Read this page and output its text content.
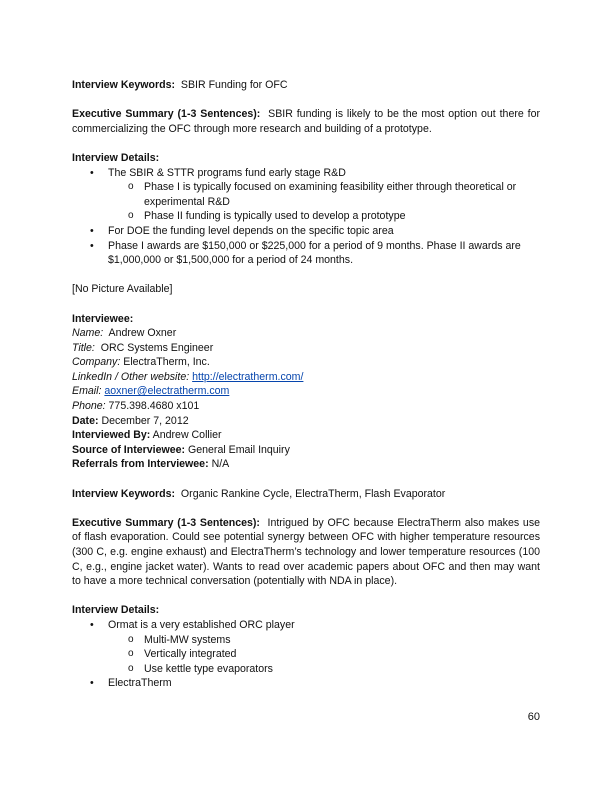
Interview Keywords: SBIR Funding for OFC

Executive Summary (1-3 Sentences): SBIR funding is likely to be the most option out there for commercializing the OFC through more research and building of a prototype.

Interview Details:

• The SBIR & STTR programs fund early stage R&D
o Phase I is typically focused on examining feasibility either through theoretical or experimental R&D
o Phase II funding is typically used to develop a prototype
• For DOE the funding level depends on the specific topic area
• Phase I awards are $150,000 or $225,000 for a period of 9 months. Phase II awards are $1,000,000 or $1,500,000 for a period of 24 months.

[No Picture Available]

Interviewee:

Name: Andrew Oxner

Title: ORC Systems Engineer

Company: ElectraTherm, Inc.

LinkedIn / Other website: http://electratherm.com/

Email: aoxner@electratherm.com

Phone: 775.398.4680 x101

Date: December 7, 2012

Interviewed By: Andrew Collier

Source of Interviewee: General Email Inquiry

Referrals from Interviewee: N/A

Interview Keywords: Organic Rankine Cycle, ElectraTherm, Flash Evaporator

Executive Summary (1-3 Sentences): Intrigued by OFC because ElectraTherm also makes use of flash evaporation. Could see potential synergy between OFC with higher temperature resources (300 C, e.g. engine exhaust) and ElectraTherm’s technology and lower temperature resources (100 C, e.g., engine jacket water). Wants to read over academic papers about OFC and then may want to have a more technical conversation (potentially with NDA in place).

Interview Details:

• Ormat is a very established ORC player
o Multi-MW systems
o Vertically integrated
o Use kettle type evaporators
• ElectraTherm
60
